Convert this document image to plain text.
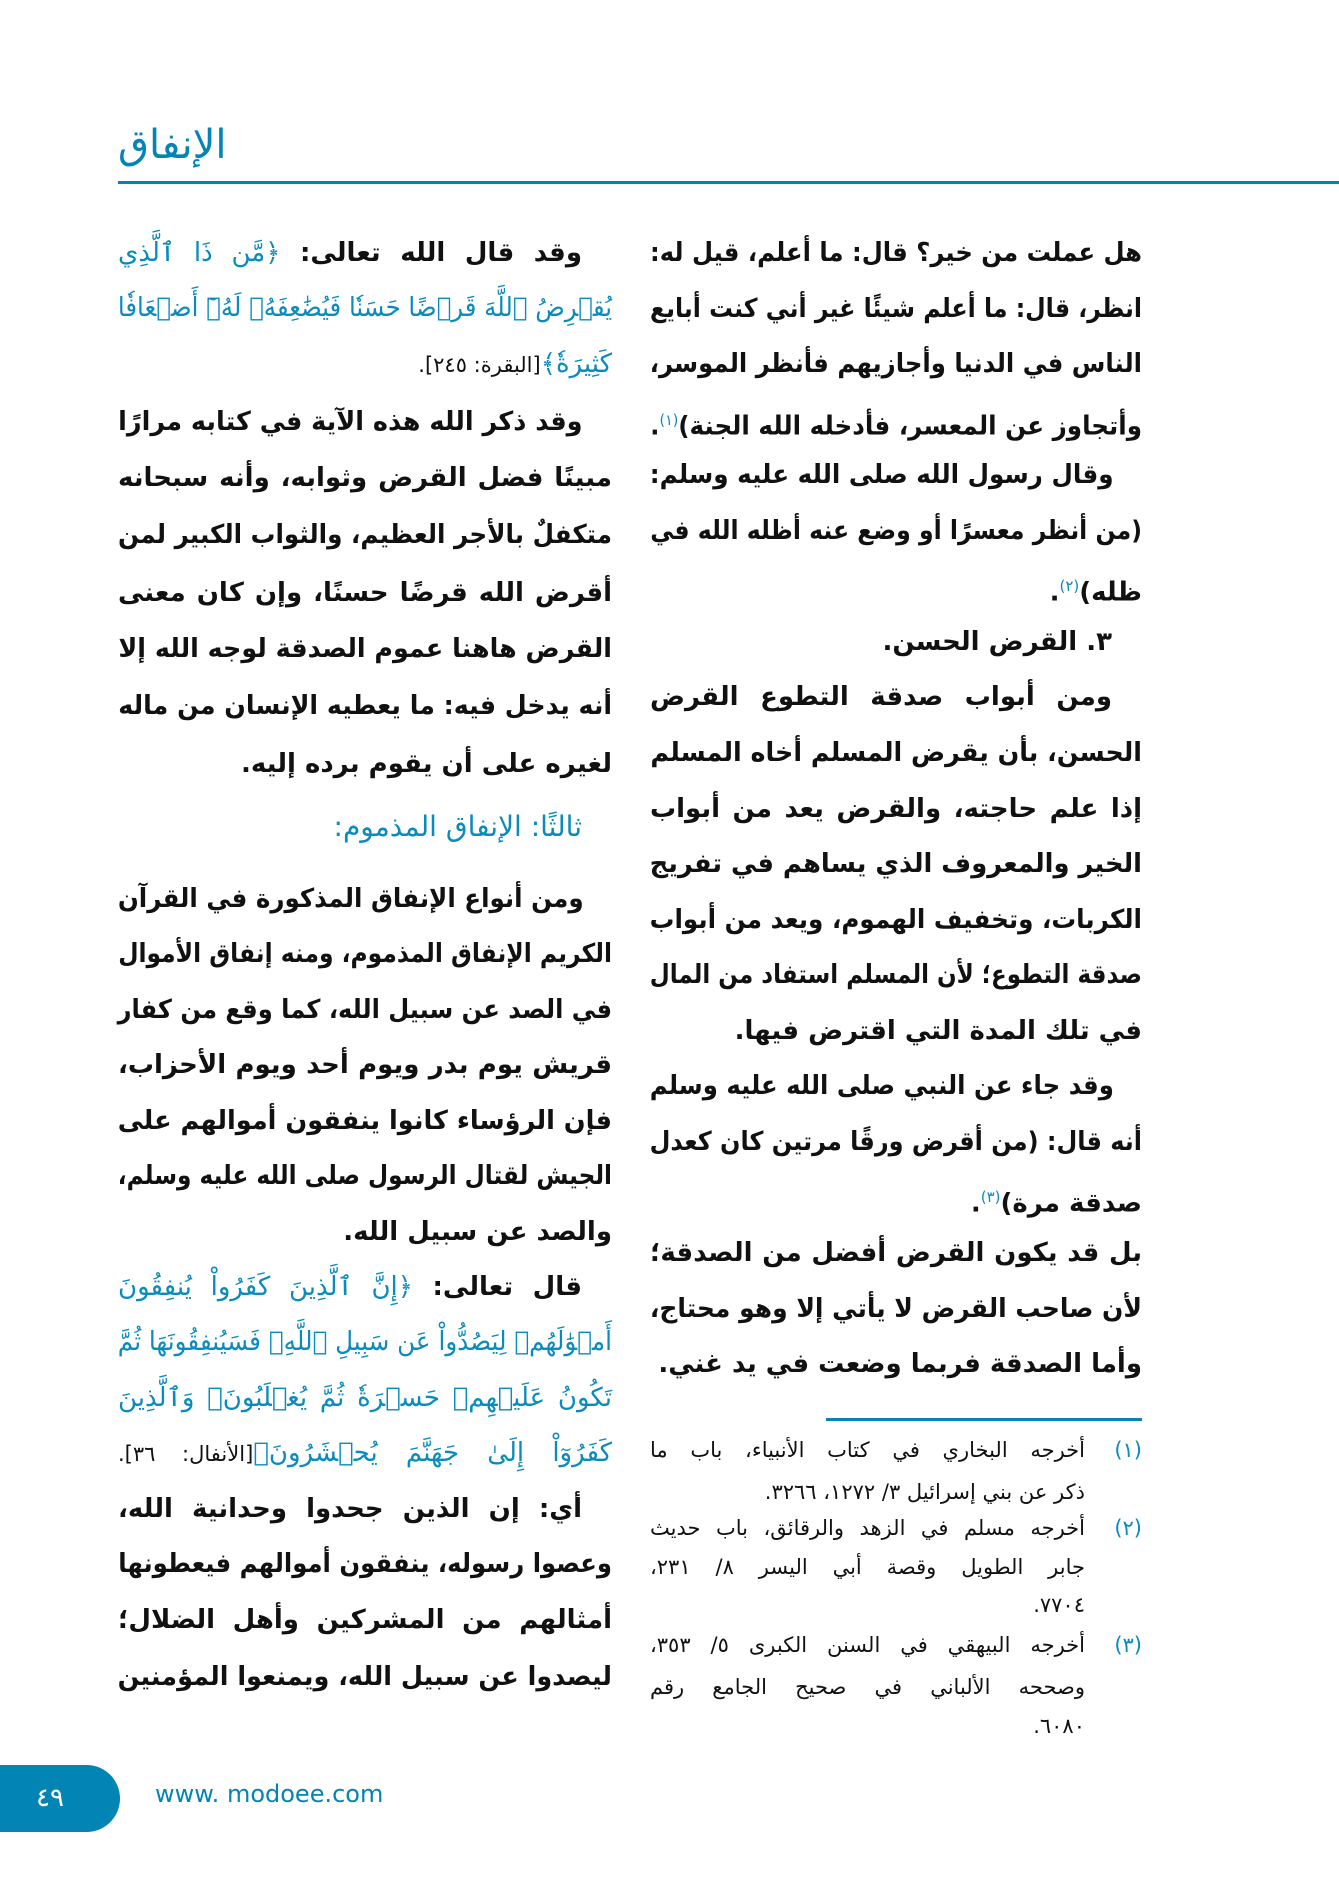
الإنفاق
هل عملت من خير؟ قال: ما أعلم، قيل له:
انظر، قال: ما أعلم شيئًا غير أني كنت أبايع
الناس في الدنيا وأجازيهم فأنظر الموسر،
وأتجاوز عن المعسر، فأدخله الله الجنة)$^{(١)}$.
وقال رسول الله صلى الله عليه وسلم:
(من أنظر معسرًا أو وضع عنه أظله الله في
ظله)$^{(٢)}$.
٣. القرض الحسن.
ومن أبواب صدقة التطوع القرض
الحسن، بأن يقرض المسلم أخاه المسلم
إذا علم حاجته، والقرض يعد من أبواب
الخير والمعروف الذي يساهم في تفريج
الكربات، وتخفيف الهموم، ويعد من أبواب
صدقة التطوع؛ لأن المسلم استفاد من المال
في تلك المدة التي اقترض فيها.
وقد جاء عن النبي صلى الله عليه وسلم
أنه قال: (من أقرض ورقًا مرتين كان كعدل
صدقة مرة)$^{(٣)}$.
بل قد يكون القرض أفضل من الصدقة؛
لأن صاحب القرض لا يأتي إلا وهو محتاج،
وأما الصدقة فربما وضعت في يد غني.
وقد قال الله تعالى: ﴿مَّن ذَا ٱلَّذِي
يُقۡرِضُ ٱللَّهَ قَرۡضًا حَسَنٗا فَيُضَٰعِفَهُۥ لَهُۥٓ أَضۡعَافٗا
كَثِيرَةٗ﴾[البقرة: ٢٤٥].
وقد ذكر الله هذه الآية في كتابه مرارًا
مبينًا فضل القرض وثوابه، وأنه سبحانه
متكفلٌ بالأجر العظيم، والثواب الكبير لمن
أقرض الله قرضًا حسنًا، وإن كان معنى
القرض هاهنا عموم الصدقة لوجه الله إلا
أنه يدخل فيه: ما يعطيه الإنسان من ماله
لغيره على أن يقوم برده إليه.
ثالثًا: الإنفاق المذموم:
ومن أنواع الإنفاق المذكورة في القرآن
الكريم الإنفاق المذموم، ومنه إنفاق الأموال
في الصد عن سبيل الله، كما وقع من كفار
قريش يوم بدر ويوم أحد ويوم الأحزاب،
فإن الرؤساء كانوا ينفقون أموالهم على
الجيش لقتال الرسول صلى الله عليه وسلم،
والصد عن سبيل الله.
قال تعالى: ﴿إِنَّ ٱلَّذِينَ كَفَرُواْ يُنفِقُونَ
أَمۡوَٰلَهُمۡ لِيَصُدُّواْ عَن سَبِيلِ ٱللَّهِۚ فَسَيُنفِقُونَهَا ثُمَّ
تَكُونُ عَلَيۡهِمۡ حَسۡرَةٗ ثُمَّ يُغۡلَبُونَۗ وَٱلَّذِينَ
كَفَرُوٓاْ إِلَىٰ جَهَنَّمَ يُحۡشَرُونَ﴾[الأنفال: ٣٦].
أي: إن الذين جحدوا وحدانية الله،
وعصوا رسوله، ينفقون أموالهم فيعطونها
أمثالهم من المشركين وأهل الضلال؛
ليصدوا عن سبيل الله، ويمنعوا المؤمنين
(١)
أخرجه البخاري في كتاب الأنبياء، باب ما
ذكر عن بني إسرائيل ٣/ ١٢٧٢، ٣٢٦٦.
(٢)
أخرجه مسلم في الزهد والرقائق، باب حديث
جابر الطويل وقصة أبي اليسر ٨/ ٢٣١،
٧٧٠٤.
(٣)
أخرجه البيهقي في السنن الكبرى ٥/ ٣٥٣،
وصححه الألباني في صحيح الجامع رقم
٦٠٨٠.
٤٩	www. modoee.com
